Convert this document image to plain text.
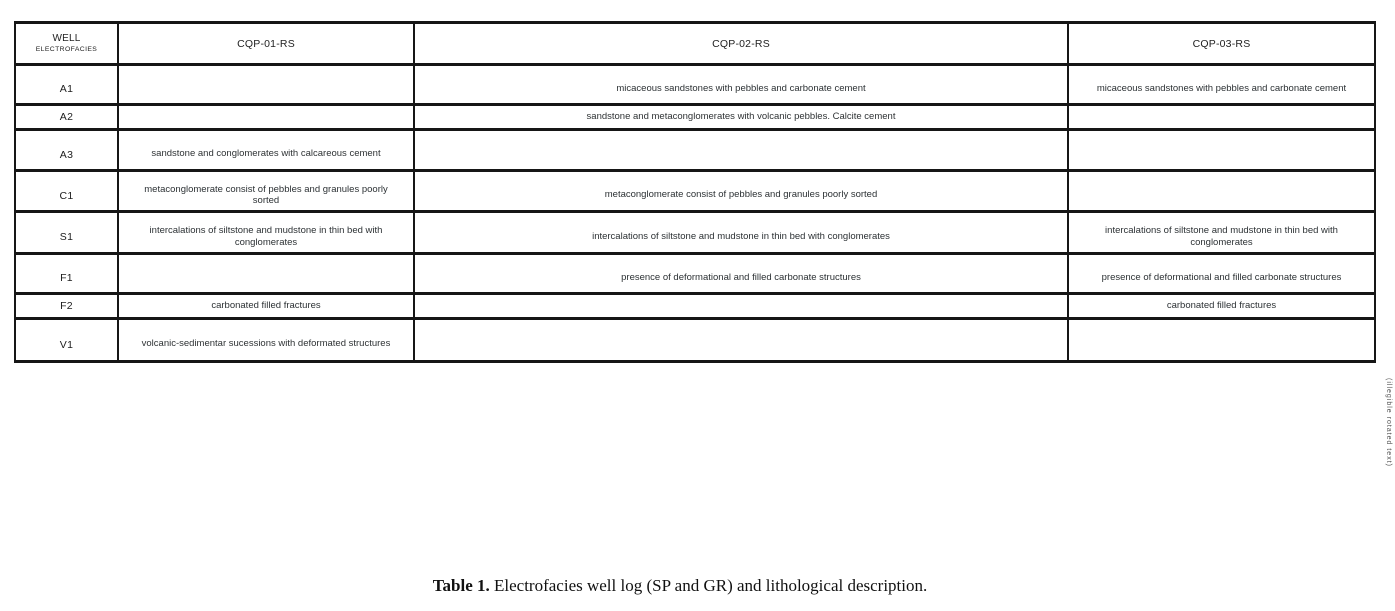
WELL
ELECTROFACIES	CQP-01-RS	CQP-02-RS	CQP-03-RS
A1		micaceous sandstones with pebbles and carbonate cement	micaceous sandstones with pebbles and carbonate cement
A2		sandstone and metaconglomerates with volcanic pebbles. Calcite cement	
A3	sandstone and conglomerates with calcareous cement		
C1	metaconglomerate consist of pebbles and granules poorly sorted	metaconglomerate consist of pebbles and granules poorly sorted	
S1	intercalations of siltstone and mudstone in thin bed with conglomerates	intercalations of siltstone and mudstone in thin bed with conglomerates	intercalations of siltstone and mudstone in thin bed with conglomerates
F1		presence of deformational and filled carbonate structures	presence of deformational and filled carbonate structures
F2	carbonated filled fractures		carbonated filled fractures
V1	volcanic-sedimentar sucessions with deformated structures		
Table 1. Electrofacies well log (SP and GR) and lithological description.
(illegible rotated text)
